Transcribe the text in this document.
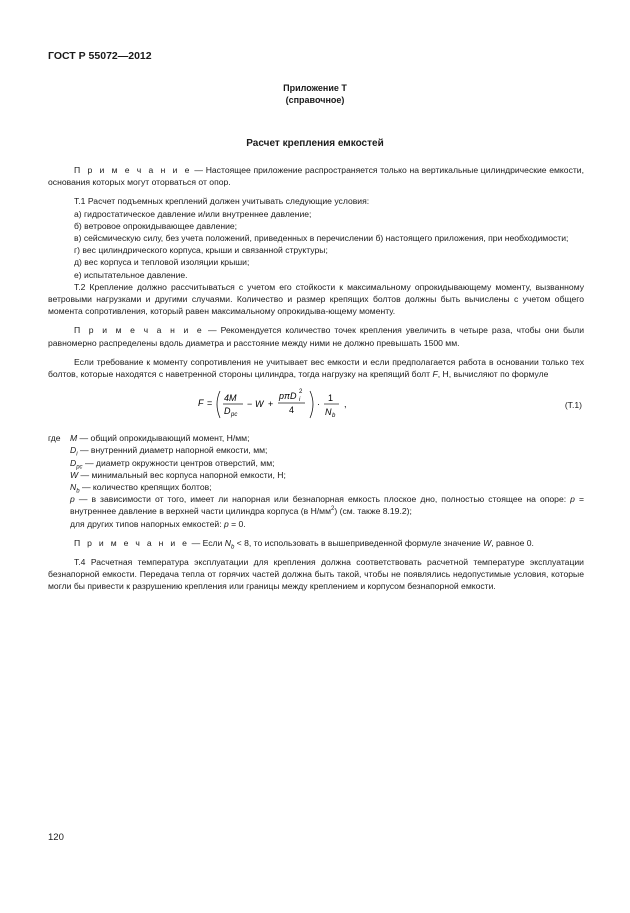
ГОСТ Р 55072—2012
Приложение Т
(справочное)
Расчет крепления емкостей

П р и м е ч а н и е — Настоящее приложение распространяется только на вертикальные цилиндрические емкости, основания которых могут оторваться от опор.

Т.1 Расчет подъемных креплений должен учитывать следующие условия:

а) гидростатическое давление и/или внутреннее давление;

б) ветровое опрокидывающее давление;

в) сейсмическую силу, без учета положений, приведенных в перечислении б) настоящего приложения, при необходимости;

г) вес цилиндрического корпуса, крыши и связанной структуры;

д) вес корпуса и тепловой изоляции крыши;

е) испытательное давление.

Т.2 Крепление должно рассчитываться с учетом его стойкости к максимальному опрокидывающему моменту, вызванному ветровыми нагрузками и другими случаями. Количество и размер крепящих болтов должны быть вычислены с учетом общего момента сопротивления, который равен максимальному опрокидыва-ющему моменту.

П р и м е ч а н и е — Рекомендуется количество точек крепления увеличить в четыре раза, чтобы они были равномерно распределены вдоль диаметра и расстояние между ними не должно превышать 1500 мм.

Если требование к моменту сопротивления не учитывает вес емкости и если предполагается работа в основании только тех болтов, которые находятся с наветренной стороны цилиндра, тогда нагрузку на крепящий болт F, Н, вычисляют по формуле

F = 4M
D pc
− W +
pπD i
2
4
·
1
N b
,	(Т.1)
где M — общий опрокидывающий момент, Н/мм;

$D_i$ — внутренний диаметр напорной емкости, мм;

$D_{pc}$ — диаметр окружности центров отверстий, мм;

W — минимальный вес корпуса напорной емкости, Н;

$N_b$ — количество крепящих болтов;

p — в зависимости от того, имеет ли напорная или безнапорная емкость плоское дно, полностью стоящее на опоре: p = внутреннее давление в верхней части цилиндра корпуса (в $Н/мм^2$) (см. также 8.19.2);

для других типов напорных емкостей: p = 0.

П р и м е ч а н и е — Если $N_b < 8$, то использовать в вышеприведенной формуле значение W, равное 0.

Т.4 Расчетная температура эксплуатации для крепления должна соответствовать расчетной температуре эксплуатации безнапорной емкости. Передача тепла от горячих частей должна быть такой, чтобы не появлялись недопустимые условия, которые могли бы привести к разрушению крепления или границы между креплением и корпусом безнапорной емкости.

120
